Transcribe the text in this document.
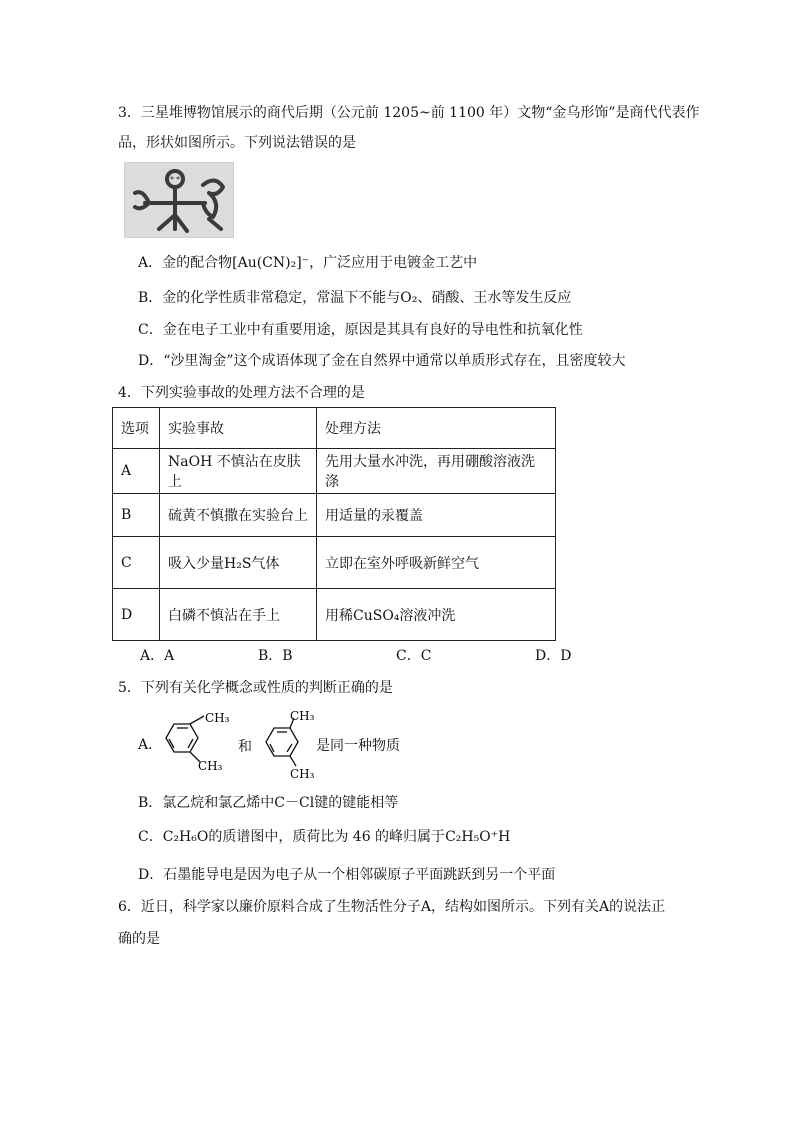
3．三星堆博物馆展示的商代后期（公元前 1205~前 1100 年）文物“金乌形饰”是商代代表作
品，形状如图所示。下列说法错误的是
A．金的配合物[Au(CN)₂]⁻，广泛应用于电镀金工艺中
B．金的化学性质非常稳定，常温下不能与O₂、硝酸、王水等发生反应
C．金在电子工业中有重要用途，原因是其具有良好的导电性和抗氧化性
D．“沙里淘金”这个成语体现了金在自然界中通常以单质形式存在，且密度较大
4．下列实验事故的处理方法不合理的是
选项	实验事故	处理方法
A	NaOH 不慎沾在皮肤上	先用大量水冲洗，再用硼酸溶液洗涤
B	硫黄不慎撒在实验台上	用适量的汞覆盖
C	吸入少量H₂S气体	立即在室外呼吸新鲜空气
D	白磷不慎沾在手上	用稀CuSO₄溶液冲洗
A．A	B．B	C．C	D．D
5．下列有关化学概念或性质的判断正确的是
A．
CH₃
CH₃
和
CH₃
CH₃
是同一种物质
B．氯乙烷和氯乙烯中C－Cl键的键能相等
C．C₂H₆O的质谱图中，质荷比为 46 的峰归属于C₂H₅O⁺H
D．石墨能导电是因为电子从一个相邻碳原子平面跳跃到另一个平面
6．近日，科学家以廉价原料合成了生物活性分子A，结构如图所示。下列有关A的说法正
确的是
